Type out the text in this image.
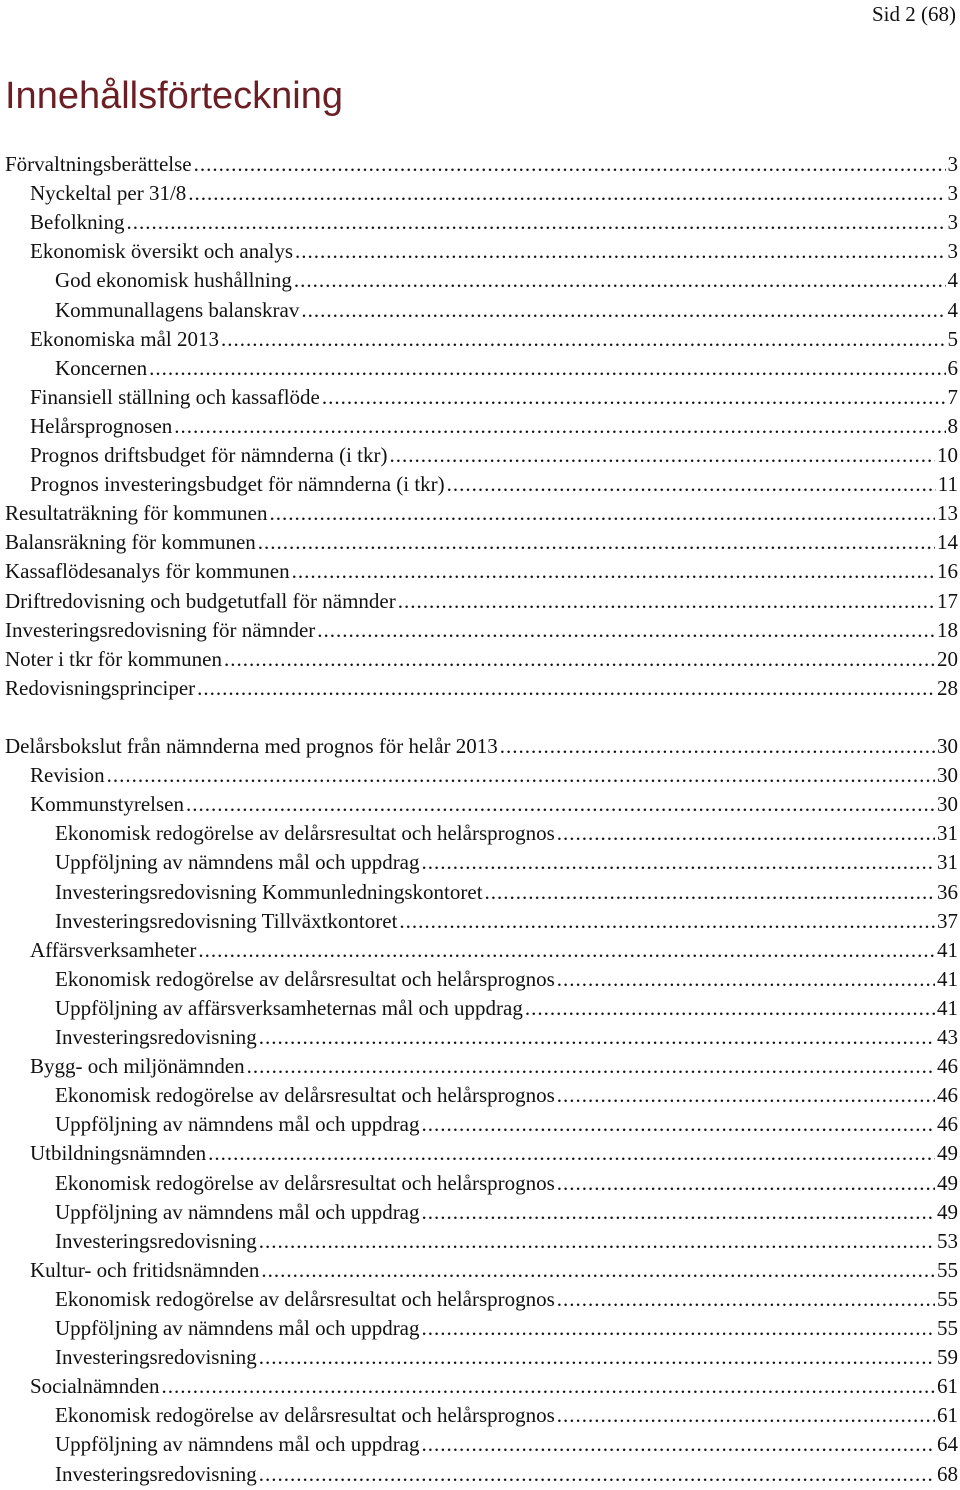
Sid 2 (68)
Innehållsförteckning
Förvaltningsberättelse .....	3
Nyckeltal per 31/8 .....	3
Befolkning .....	3
Ekonomisk översikt och analys .....	3
God ekonomisk hushållning .....	4
Kommunallagens balanskrav .....	4
Ekonomiska mål 2013 .....	5
Koncernen .....	6
Finansiell ställning och kassaflöde .....	7
Helårsprognosen .....	8
Prognos driftsbudget för nämnderna (i tkr) .....	10
Prognos investeringsbudget för nämnderna (i tkr) .....	11
Resultaträkning för kommunen .....	13
Balansräkning för kommunen .....	14
Kassaflödesanalys för kommunen .....	16
Driftredovisning och budgetutfall för nämnder .....	17
Investeringsredovisning för nämnder .....	18
Noter i tkr för kommunen .....	20
Redovisningsprinciper .....	28
Delårsbokslut från nämnderna med prognos för helår 2013 .....	30
Revision .....	30
Kommunstyrelsen .....	30
Ekonomisk redogörelse av delårsresultat och helårsprognos .....	31
Uppföljning av nämndens mål och uppdrag .....	31
Investeringsredovisning Kommunledningskontoret .....	36
Investeringsredovisning Tillväxtkontoret .....	37
Affärsverksamheter .....	41
Ekonomisk redogörelse av delårsresultat och helårsprognos .....	41
Uppföljning av affärsverksamheternas mål och uppdrag .....	41
Investeringsredovisning .....	43
Bygg- och miljönämnden .....	46
Ekonomisk redogörelse av delårsresultat och helårsprognos .....	46
Uppföljning av nämndens mål och uppdrag .....	46
Utbildningsnämnden .....	49
Ekonomisk redogörelse av delårsresultat och helårsprognos .....	49
Uppföljning av nämndens mål och uppdrag .....	49
Investeringsredovisning .....	53
Kultur- och fritidsnämnden .....	55
Ekonomisk redogörelse av delårsresultat och helårsprognos .....	55
Uppföljning av nämndens mål och uppdrag .....	55
Investeringsredovisning .....	59
Socialnämnden .....	61
Ekonomisk redogörelse av delårsresultat och helårsprognos .....	61
Uppföljning av nämndens mål och uppdrag .....	64
Investeringsredovisning .....	68
